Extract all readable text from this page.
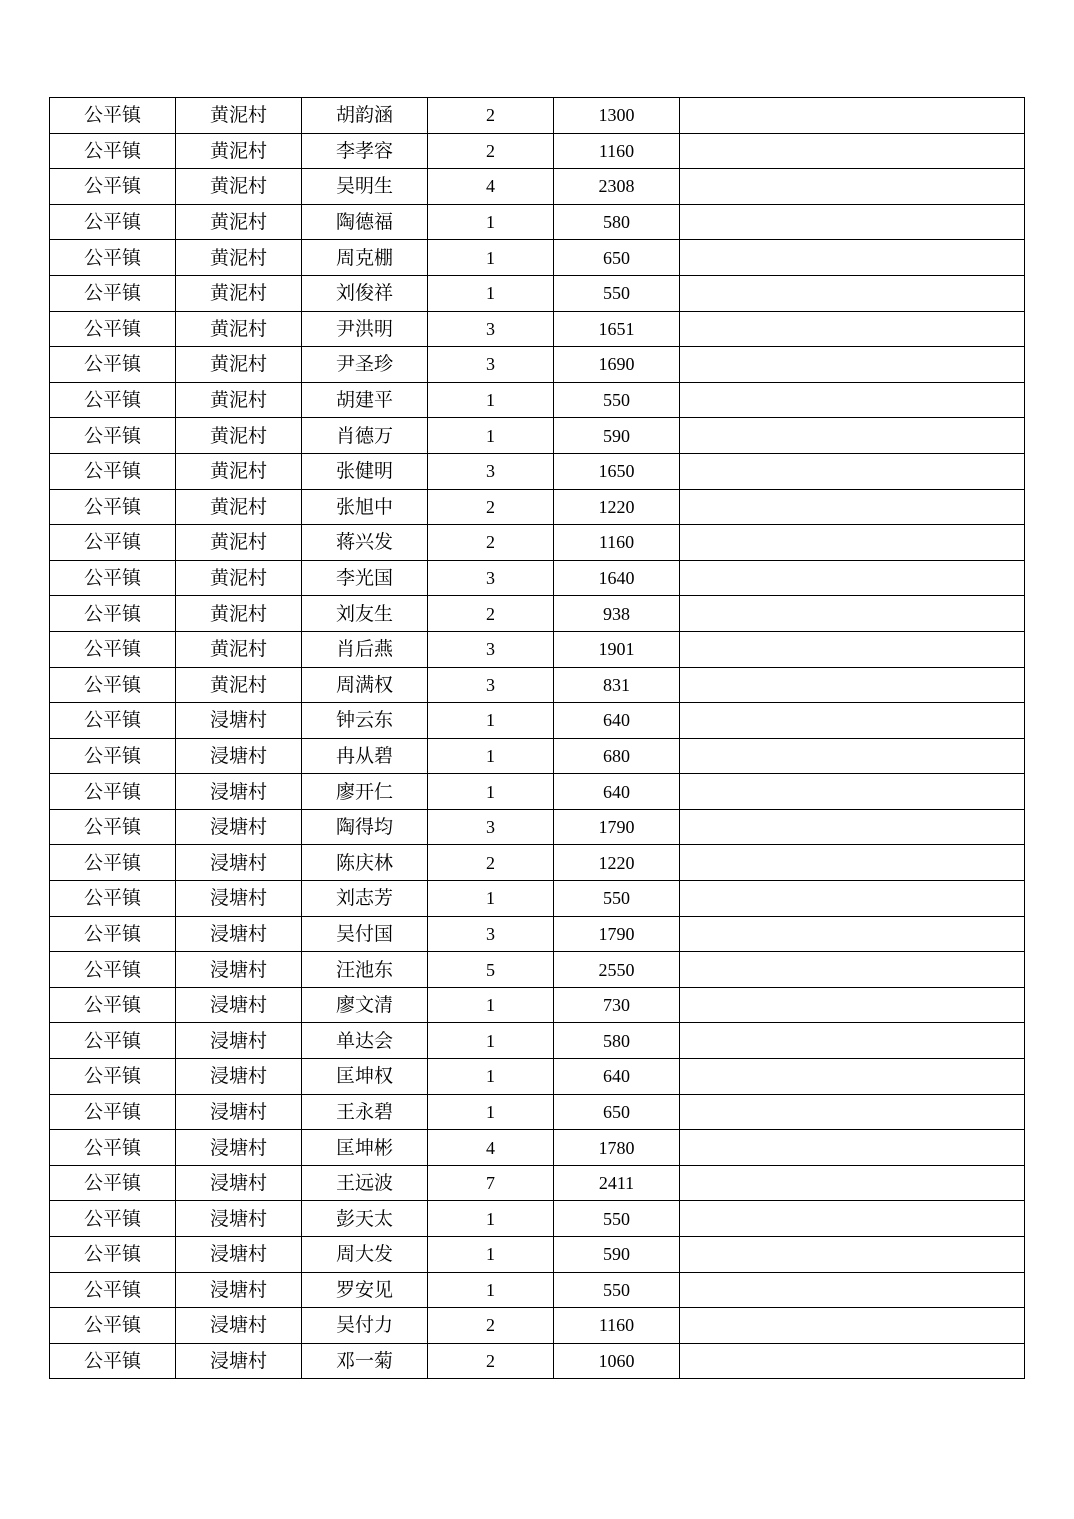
公平镇	黄泥村	胡韵涵	2	1300	
公平镇	黄泥村	李孝容	2	1160	
公平镇	黄泥村	吴明生	4	2308	
公平镇	黄泥村	陶德福	1	580	
公平镇	黄泥村	周克棚	1	650	
公平镇	黄泥村	刘俊祥	1	550	
公平镇	黄泥村	尹洪明	3	1651	
公平镇	黄泥村	尹圣珍	3	1690	
公平镇	黄泥村	胡建平	1	550	
公平镇	黄泥村	肖德万	1	590	
公平镇	黄泥村	张健明	3	1650	
公平镇	黄泥村	张旭中	2	1220	
公平镇	黄泥村	蒋兴发	2	1160	
公平镇	黄泥村	李光国	3	1640	
公平镇	黄泥村	刘友生	2	938	
公平镇	黄泥村	肖后燕	3	1901	
公平镇	黄泥村	周满权	3	831	
公平镇	浸塘村	钟云东	1	640	
公平镇	浸塘村	冉从碧	1	680	
公平镇	浸塘村	廖开仁	1	640	
公平镇	浸塘村	陶得均	3	1790	
公平镇	浸塘村	陈庆林	2	1220	
公平镇	浸塘村	刘志芳	1	550	
公平镇	浸塘村	吴付国	3	1790	
公平镇	浸塘村	汪池东	5	2550	
公平镇	浸塘村	廖文清	1	730	
公平镇	浸塘村	单达会	1	580	
公平镇	浸塘村	匡坤权	1	640	
公平镇	浸塘村	王永碧	1	650	
公平镇	浸塘村	匡坤彬	4	1780	
公平镇	浸塘村	王远波	7	2411	
公平镇	浸塘村	彭天太	1	550	
公平镇	浸塘村	周大发	1	590	
公平镇	浸塘村	罗安见	1	550	
公平镇	浸塘村	吴付力	2	1160	
公平镇	浸塘村	邓一菊	2	1060	
